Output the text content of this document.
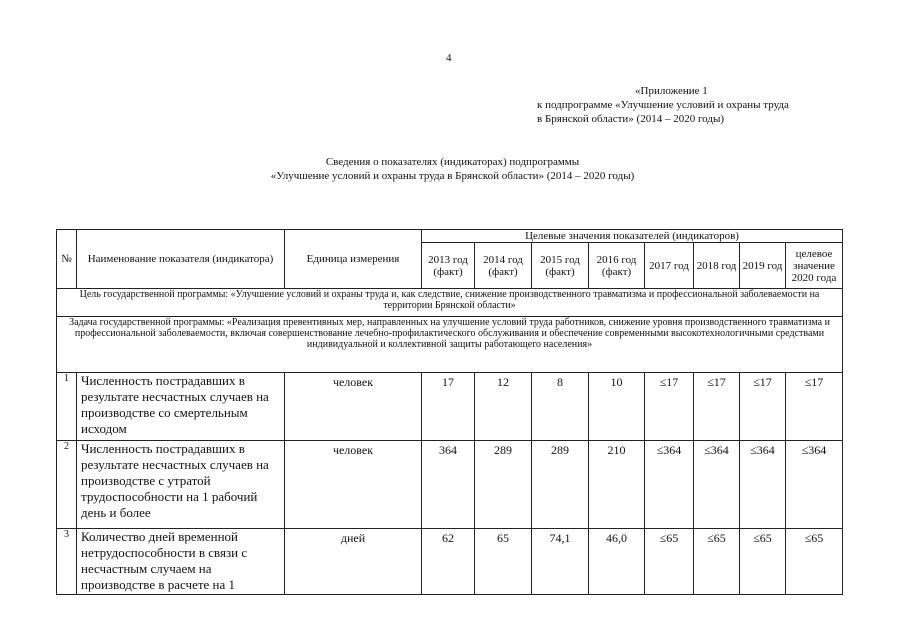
4
«Приложение 1
к подпрограмме «Улучшение условий и охраны труда
в Брянской области» (2014 – 2020 годы)
Сведения о показателях (индикаторах) подпрограммы
«Улучшение условий и охраны труда в Брянской области» (2014 – 2020 годы)
№	Наименование показателя (индикатора)	Единица измерения	Целевые значения показателей (индикаторов)							
			2013 год (факт)	2014 год (факт)	2015 год (факт)	2016 год (факт)	2017 год	2018 год	2019 год	целевое значение 2020 года
Цель государственной программы: «Улучшение условий и охраны труда и, как следствие, снижение производственного травматизма и профессиональной заболеваемости на территории Брянской области»										
Задача государственной программы: «Реализация превентивных мер, направленных на улучшение условий труда работников, снижение уровня производственного травматизма и профессиональной заболеваемости, включая совершенствование лечебно-профилактического обслуживания и обеспечение современными высокотехнологичными средствами индивидуальной и коллективной защиты работающего населения»										
1	Численность пострадавших в результате несчастных случаев на производстве со смертельным исходом	человек	17	12	8	10	≤17	≤17	≤17	≤17
2	Численность пострадавших в результате несчастных случаев на производстве с утратой трудоспособности на 1 рабочий день и более	человек	364	289	289	210	≤364	≤364	≤364	≤364
3	Количество дней временной нетрудоспособности в связи с несчастным случаем на производстве в расчете на 1	дней	62	65	74,1	46,0	≤65	≤65	≤65	≤65
